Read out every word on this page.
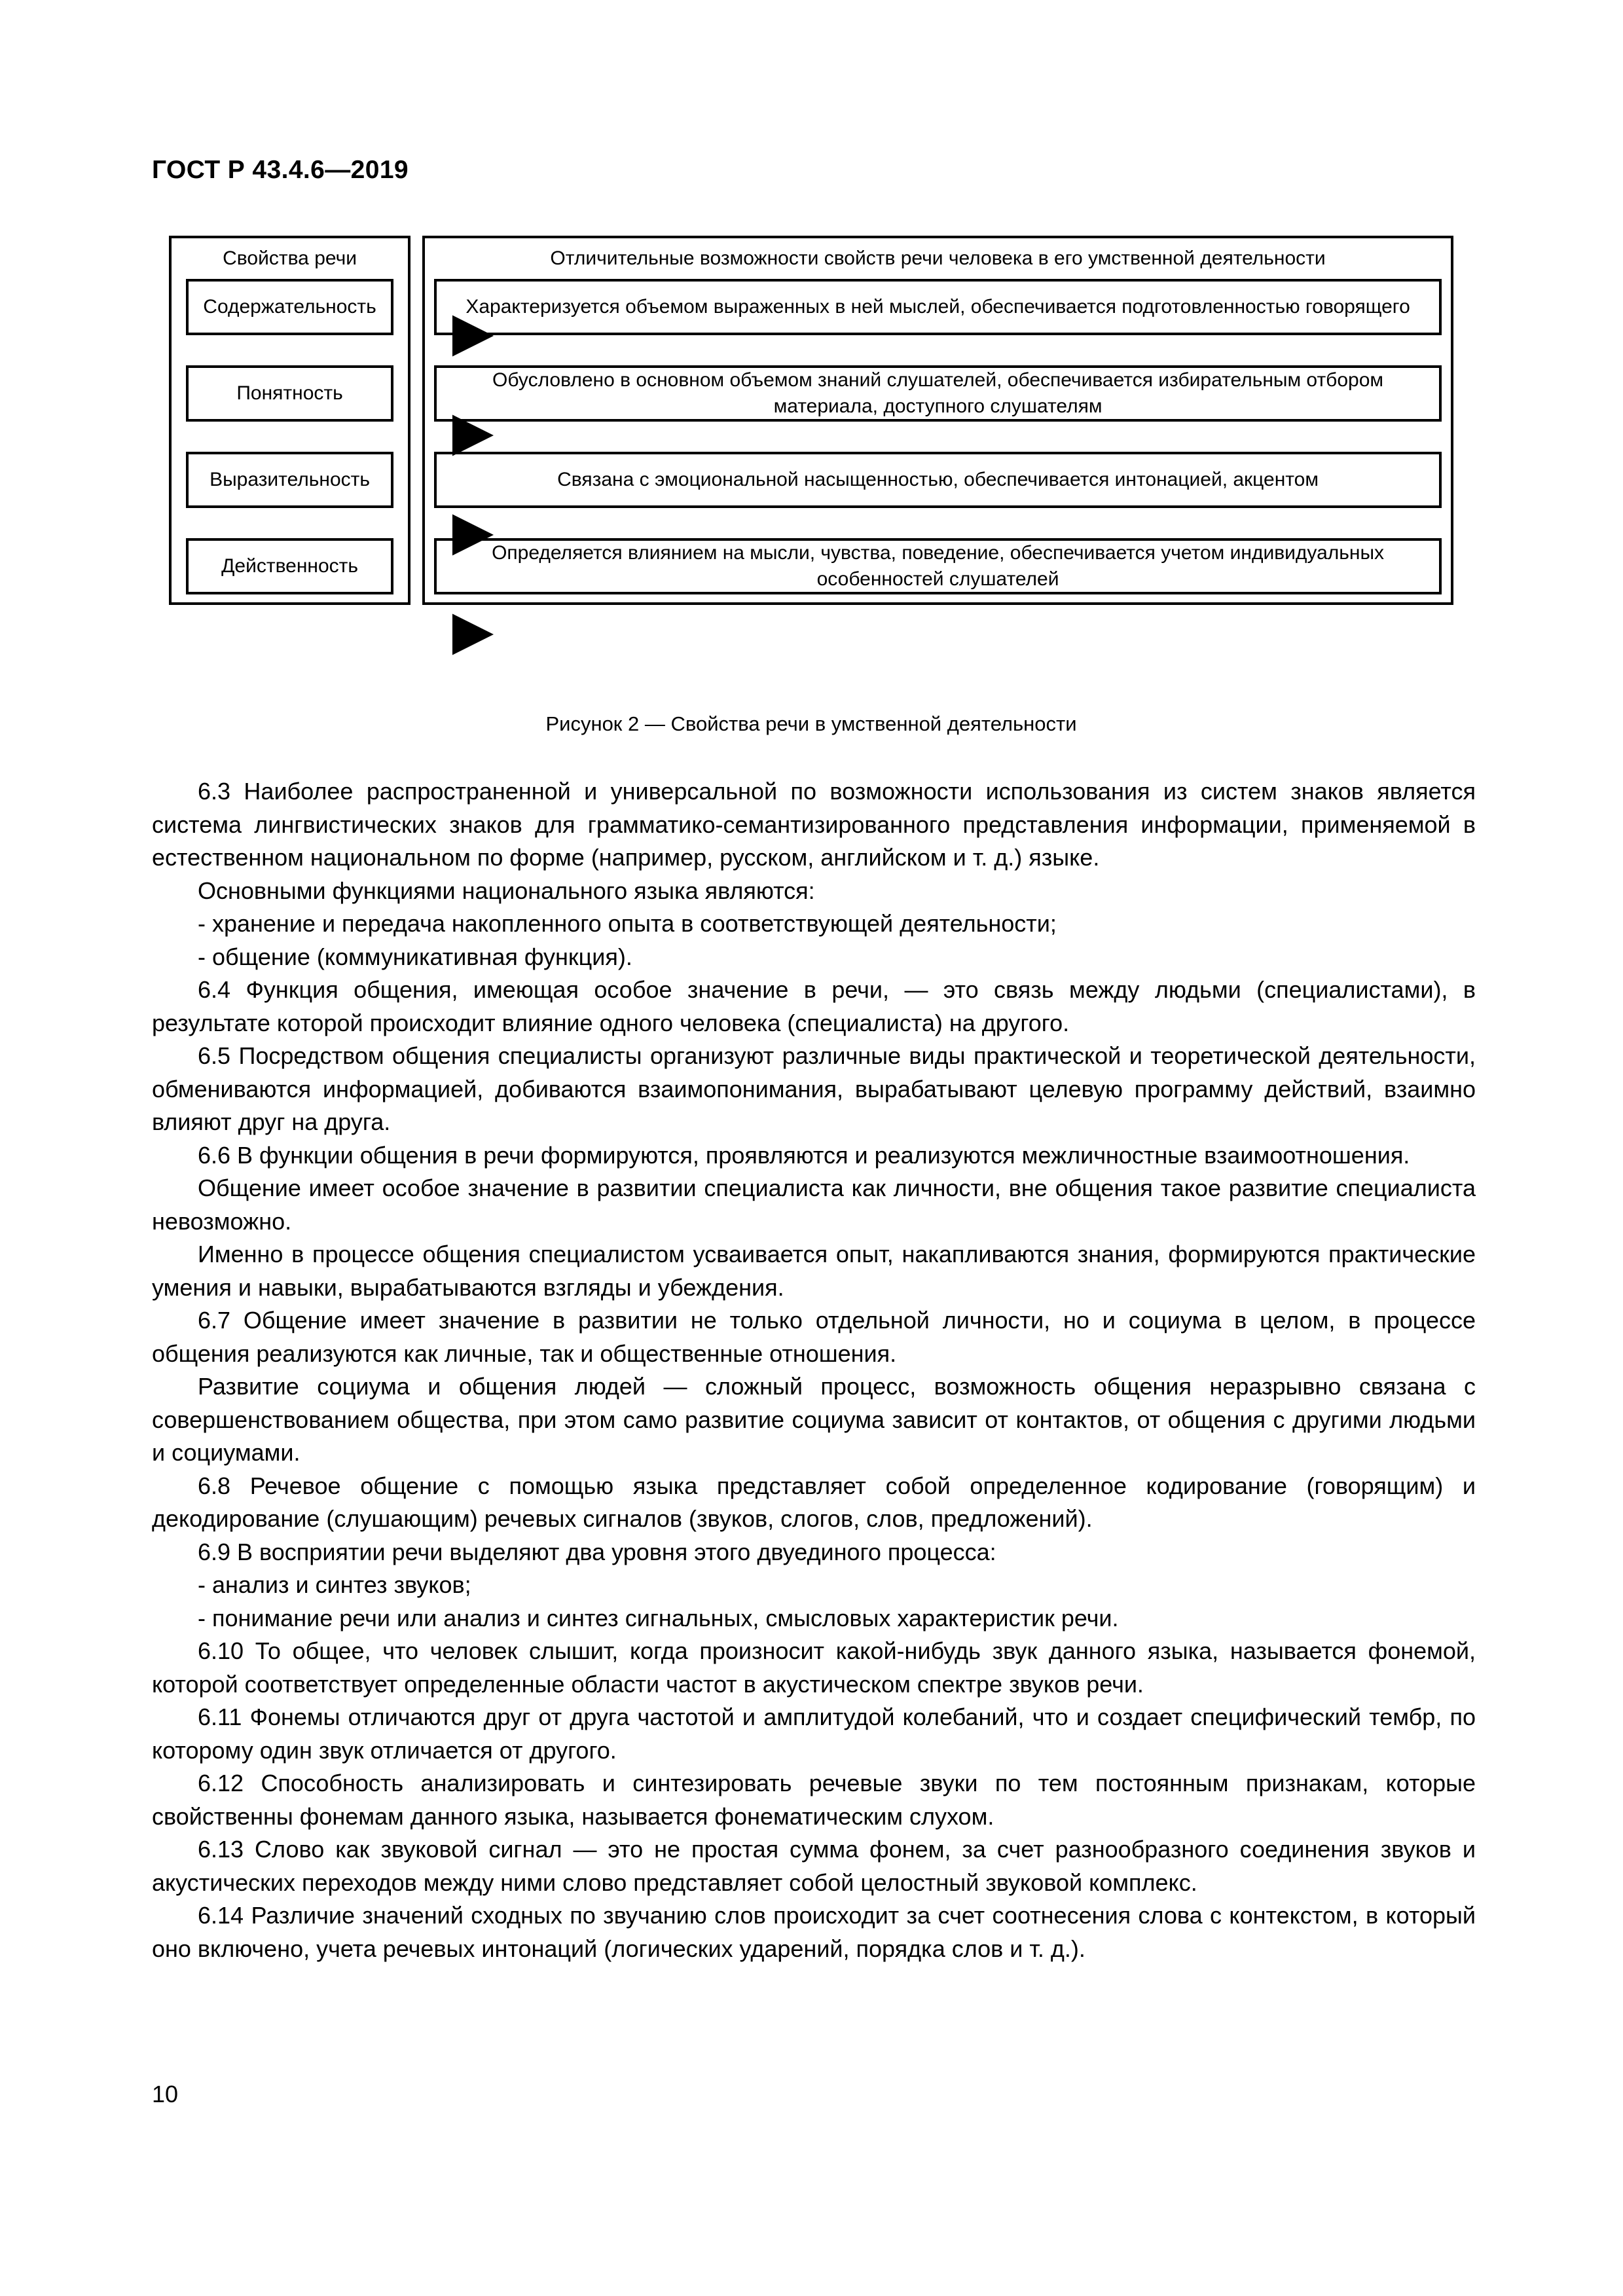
ГОСТ Р 43.4.6—2019
Свойства речи
Содержательность
Понятность
Выразительность
Действенность
Отличительные возможности свойств речи человека в его умственной деятельности
Характеризуется объемом выраженных в ней мыслей, обеспечивается подготовленностью говорящего
Обусловлено в основном объемом знаний слушателей, обеспечивается избирательным отбором материала, доступного слушателям
Связана с эмоциональной насыщенностью, обеспечивается интонацией, акцентом
Определяется влиянием на мысли, чувства, поведение, обеспечивается учетом индивидуальных особенностей слушателей
Рисунок 2 — Свойства речи в умственной деятельности

6.3 Наиболее распространенной и универсальной по возможности использования из систем знаков является система лингвистических знаков для грамматико-семантизированного представления информации, применяемой в естественном национальном по форме (например, русском, английском и т. д.) языке.

Основными функциями национального языка являются:

- хранение и передача накопленного опыта в соответствующей деятельности;

- общение (коммуникативная функция).

6.4 Функция общения, имеющая особое значение в речи, — это связь между людьми (специалистами), в результате которой происходит влияние одного человека (специалиста) на другого.

6.5 Посредством общения специалисты организуют различные виды практической и теоретической деятельности, обмениваются информацией, добиваются взаимопонимания, вырабатывают целевую программу действий, взаимно влияют друг на друга.

6.6 В функции общения в речи формируются, проявляются и реализуются межличностные взаимоотношения.

Общение имеет особое значение в развитии специалиста как личности, вне общения такое развитие специалиста невозможно.

Именно в процессе общения специалистом усваивается опыт, накапливаются знания, формируются практические умения и навыки, вырабатываются взгляды и убеждения.

6.7 Общение имеет значение в развитии не только отдельной личности, но и социума в целом, в процессе общения реализуются как личные, так и общественные отношения.

Развитие социума и общения людей — сложный процесс, возможность общения неразрывно связана с совершенствованием общества, при этом само развитие социума зависит от контактов, от общения с другими людьми и социумами.

6.8 Речевое общение с помощью языка представляет собой определенное кодирование (говорящим) и декодирование (слушающим) речевых сигналов (звуков, слогов, слов, предложений).

6.9 В восприятии речи выделяют два уровня этого двуединого процесса:

- анализ и синтез звуков;

- понимание речи или анализ и синтез сигнальных, смысловых характеристик речи.

6.10 То общее, что человек слышит, когда произносит какой-нибудь звук данного языка, называется фонемой, которой соответствует определенные области частот в акустическом спектре звуков речи.

6.11 Фонемы отличаются друг от друга частотой и амплитудой колебаний, что и создает специфический тембр, по которому один звук отличается от другого.

6.12 Способность анализировать и синтезировать речевые звуки по тем постоянным признакам, которые свойственны фонемам данного языка, называется фонематическим слухом.

6.13 Слово как звуковой сигнал — это не простая сумма фонем, за счет разнообразного соединения звуков и акустических переходов между ними слово представляет собой целостный звуковой комплекс.

6.14 Различие значений сходных по звучанию слов происходит за счет соотнесения слова с контекстом, в который оно включено, учета речевых интонаций (логических ударений, порядка слов и т. д.).

10
